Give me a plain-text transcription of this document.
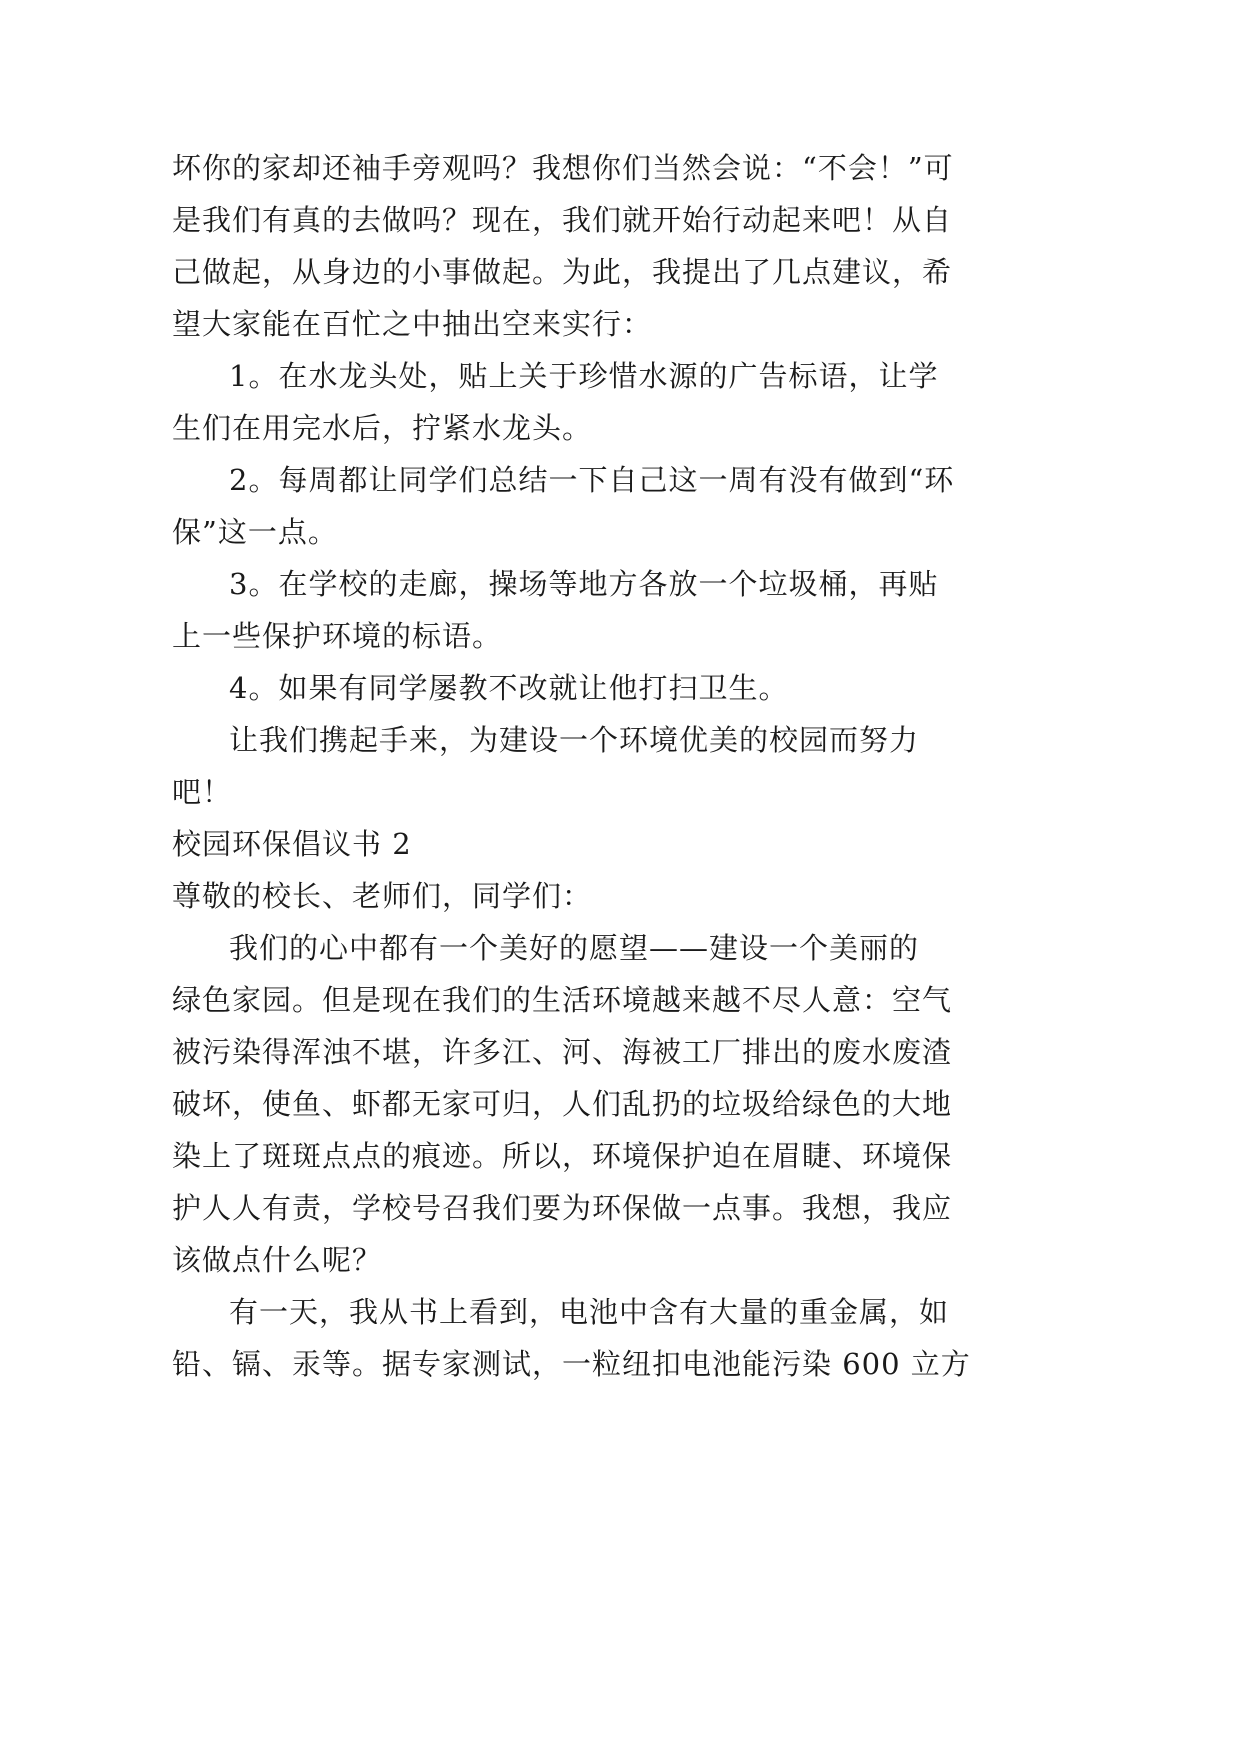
坏你的家却还袖手旁观吗？我想你们当然会说：“不会！”可
是我们有真的去做吗？现在，我们就开始行动起来吧！从自
己做起，从身边的小事做起。为此，我提出了几点建议，希
望大家能在百忙之中抽出空来实行：
1。在水龙头处，贴上关于珍惜水源的广告标语，让学
生们在用完水后，拧紧水龙头。
2。每周都让同学们总结一下自己这一周有没有做到“环
保”这一点。
3。在学校的走廊，操场等地方各放一个垃圾桶，再贴
上一些保护环境的标语。
4。如果有同学屡教不改就让他打扫卫生。
让我们携起手来，为建设一个环境优美的校园而努力
吧！
校园环保倡议书 2
尊敬的校长、老师们，同学们：
我们的心中都有一个美好的愿望——建设一个美丽的
绿色家园。但是现在我们的生活环境越来越不尽人意：空气
被污染得浑浊不堪，许多江、河、海被工厂排出的废水废渣
破坏，使鱼、虾都无家可归，人们乱扔的垃圾给绿色的大地
染上了斑斑点点的痕迹。所以，环境保护迫在眉睫、环境保
护人人有责，学校号召我们要为环保做一点事。我想，我应
该做点什么呢？
有一天，我从书上看到，电池中含有大量的重金属，如
铅、镉、汞等。据专家测试，一粒纽扣电池能污染 600 立方
